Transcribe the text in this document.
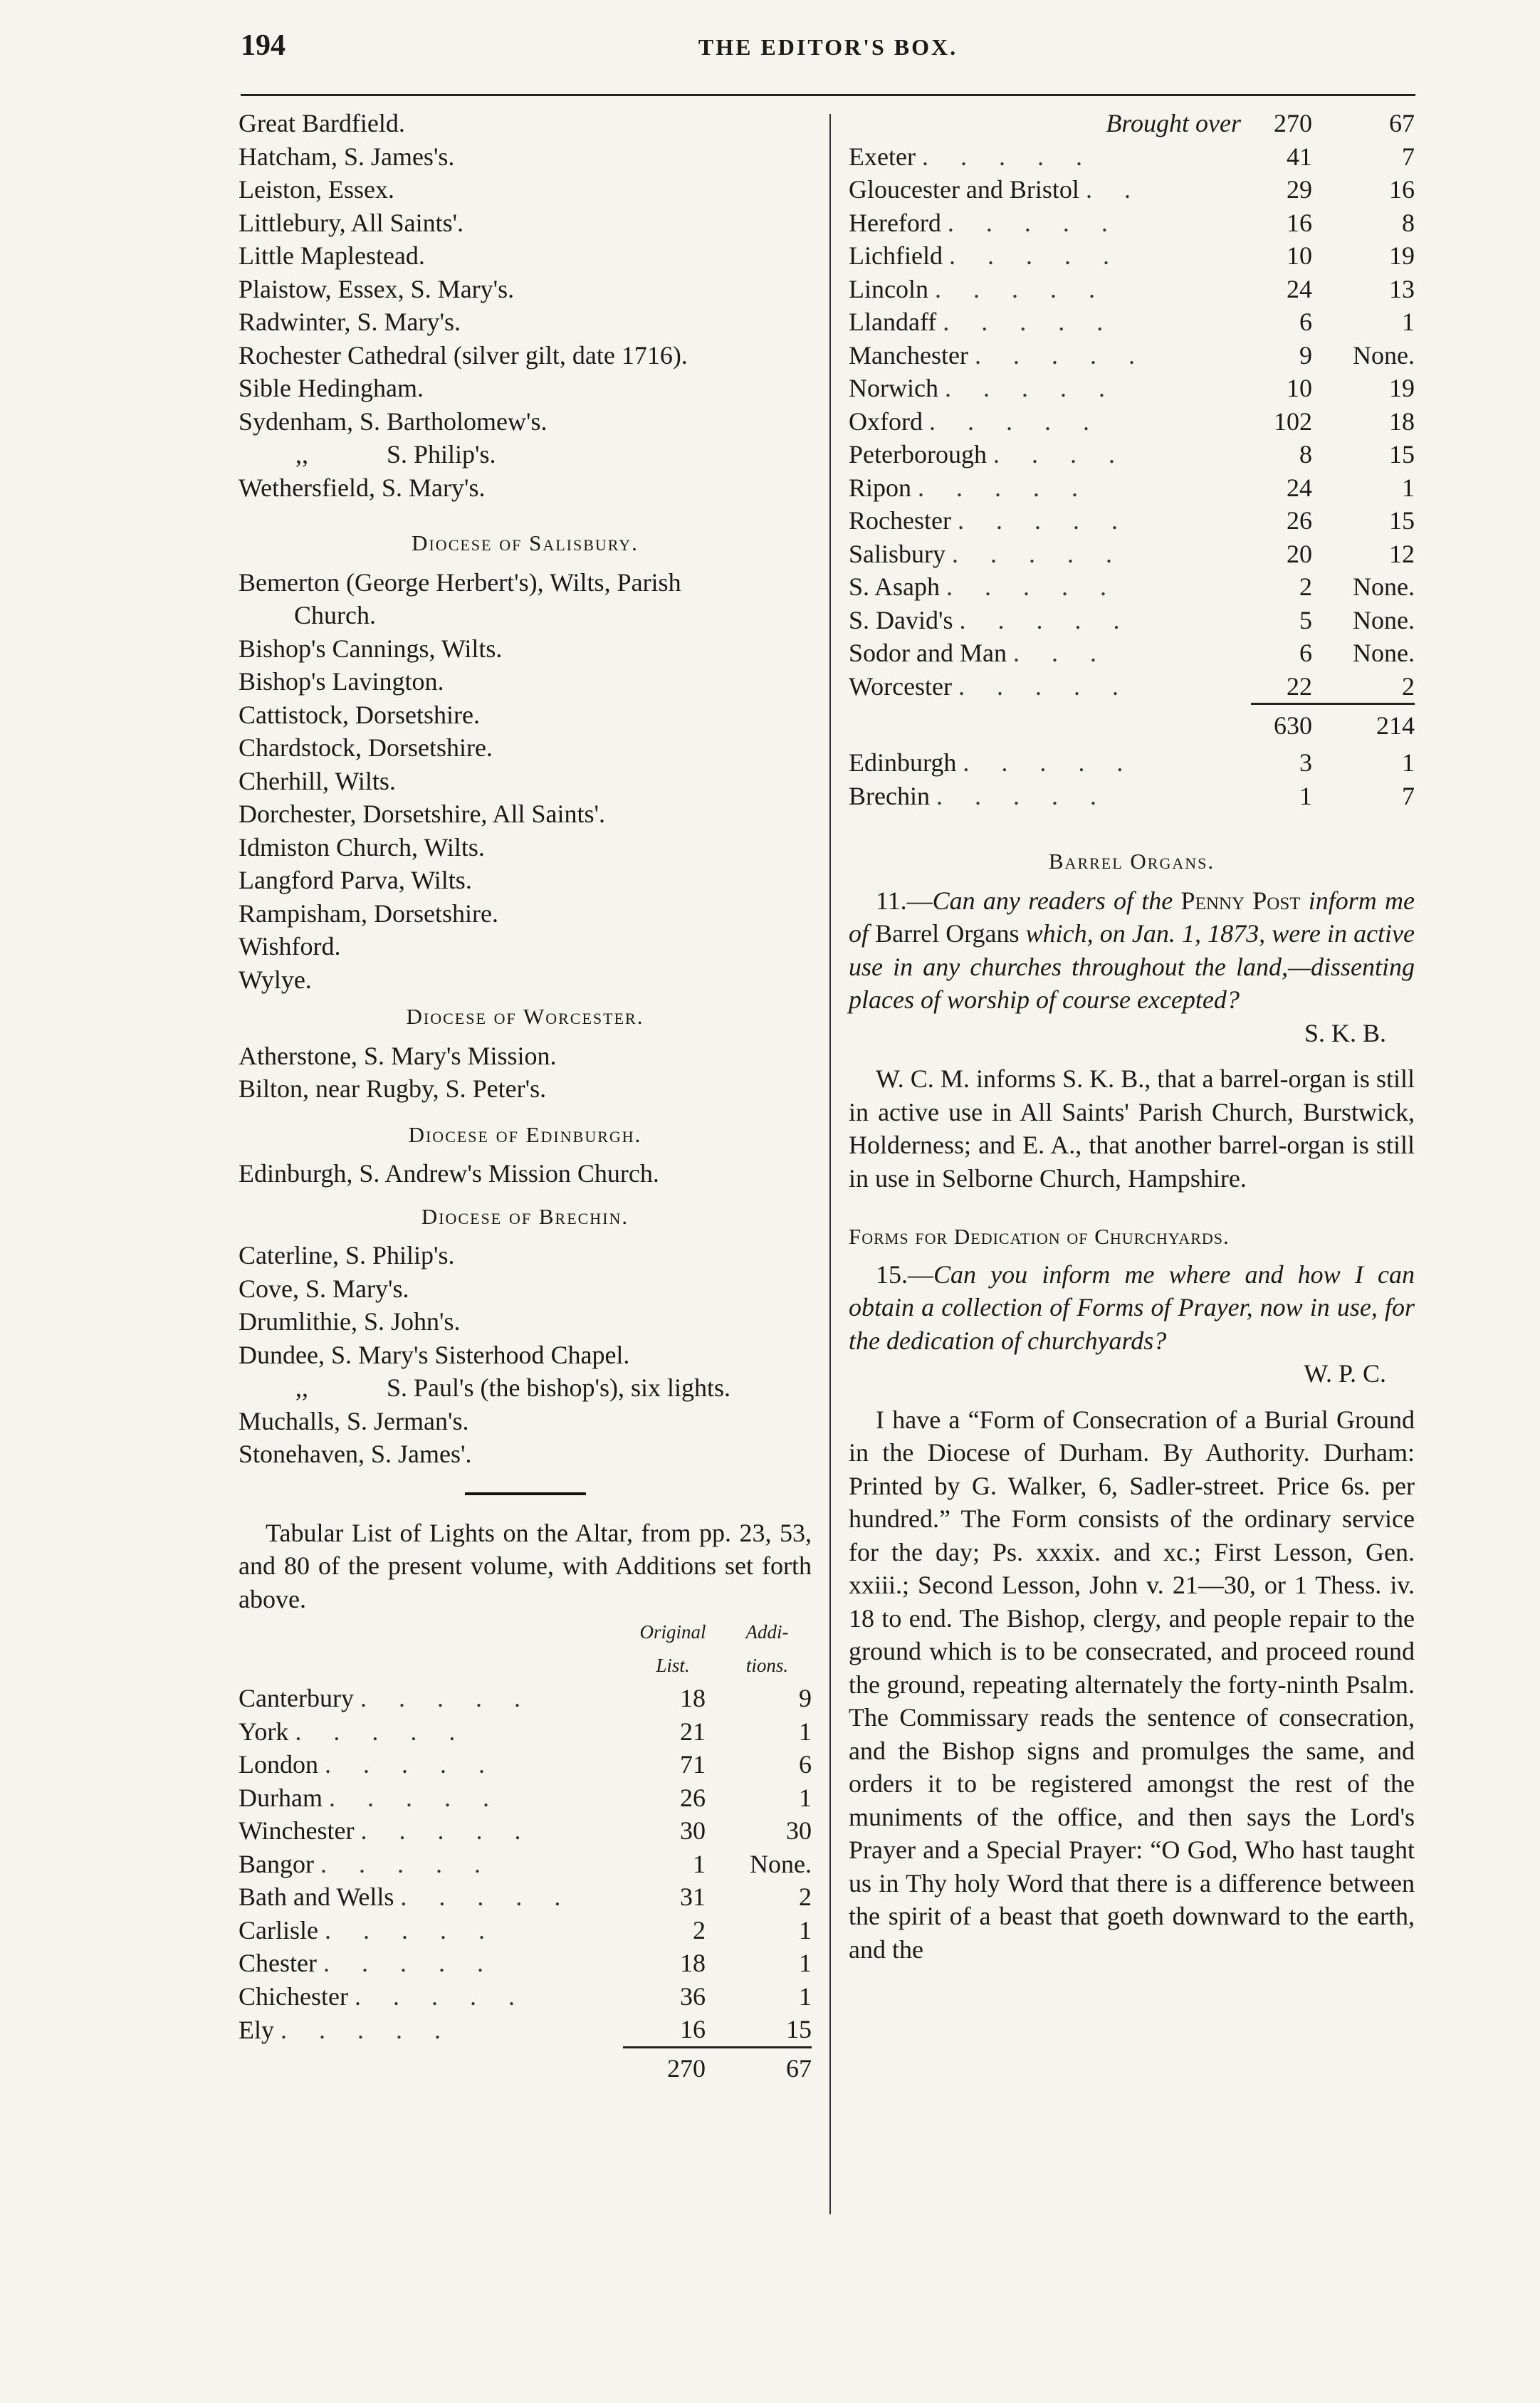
194	THE EDITOR'S BOX.
Great Bardfield.
Hatcham, S. James's.
Leiston, Essex.
Littlebury, All Saints'.
Little Maplestead.
Plaistow, Essex, S. Mary's.
Radwinter, S. Mary's.
Rochester Cathedral (silver gilt, date 1716).
Sible Hedingham.
Sydenham, S. Bartholomew's.
,,	S. Philip's.
Wethersfield, S. Mary's.
Diocese of Salisbury.
Bemerton (George Herbert's), Wilts, Parish
Church.
Bishop's Cannings, Wilts.
Bishop's Lavington.
Cattistock, Dorsetshire.
Chardstock, Dorsetshire.
Cherhill, Wilts.
Dorchester, Dorsetshire, All Saints'.
Idmiston Church, Wilts.
Langford Parva, Wilts.
Rampisham, Dorsetshire.
Wishford.
Wylye.
Diocese of Worcester.
Atherstone, S. Mary's Mission.
Bilton, near Rugby, S. Peter's.
Diocese of Edinburgh.
Edinburgh, S. Andrew's Mission Church.
Diocese of Brechin.
Caterline, S. Philip's.
Cove, S. Mary's.
Drumlithie, S. John's.
Dundee, S. Mary's Sisterhood Chapel.
,,	S. Paul's (the bishop's), six lights.
Muchalls, S. Jerman's.
Stonehaven, S. James'.
Tabular List of Lights on the Altar, from pp. 23, 53, and 80 of the present volume, with Additions set forth above.
	Original
List.	Addi-
tions.
Canterbury . . . . .	18	9
York . . . . .	21	1
London . . . . .	71	6
Durham . . . . .	26	1
Winchester . . . . .	30	30
Bangor . . . . .	1	None.
Bath and Wells . . . . .	31	2
Carlisle . . . . .	2	1
Chester . . . . .	18	1
Chichester . . . . .	36	1
Ely . . . . .	16	15
	270	67
Brought over	270	67
Exeter . . . . .	41	7
Gloucester and Bristol . .	29	16
Hereford . . . . .	16	8
Lichfield . . . . .	10	19
Lincoln . . . . .	24	13
Llandaff . . . . .	6	1
Manchester . . . . .	9	None.
Norwich . . . . .	10	19
Oxford . . . . .	102	18
Peterborough . . . .	8	15
Ripon . . . . .	24	1
Rochester . . . . .	26	15
Salisbury . . . . .	20	12
S. Asaph . . . . .	2	None.
S. David's . . . . .	5	None.
Sodor and Man . . .	6	None.
Worcester . . . . .	22	2
	630	214
Edinburgh . . . . .	3	1
Brechin . . . . .	1	7
Barrel Organs.
11.—Can any readers of the Penny Post inform me of Barrel Organs which, on Jan. 1, 1873, were in active use in any churches throughout the land,—dissenting places of worship of course excepted?
S. K. B.
W. C. M. informs S. K. B., that a barrel-organ is still in active use in All Saints' Parish Church, Burstwick, Holderness; and E. A., that another barrel-organ is still in use in Selborne Church, Hampshire.
Forms for Dedication of Churchyards.
15.—Can you inform me where and how I can obtain a collection of Forms of Prayer, now in use, for the dedication of churchyards?
W. P. C.
I have a “Form of Consecration of a Burial Ground in the Diocese of Durham. By Authority. Durham: Printed by G. Walker, 6, Sadler-street. Price 6s. per hundred.” The Form consists of the ordinary service for the day; Ps. xxxix. and xc.; First Lesson, Gen. xxiii.; Second Lesson, John v. 21—30, or 1 Thess. iv. 18 to end. The Bishop, clergy, and people repair to the ground which is to be consecrated, and proceed round the ground, repeating alternately the forty-ninth Psalm. The Commissary reads the sentence of consecration, and the Bishop signs and promulges the same, and orders it to be registered amongst the rest of the muniments of the office, and then says the Lord's Prayer and a Special Prayer: “O God, Who hast taught us in Thy holy Word that there is a difference between the spirit of a beast that goeth downward to the earth, and the
